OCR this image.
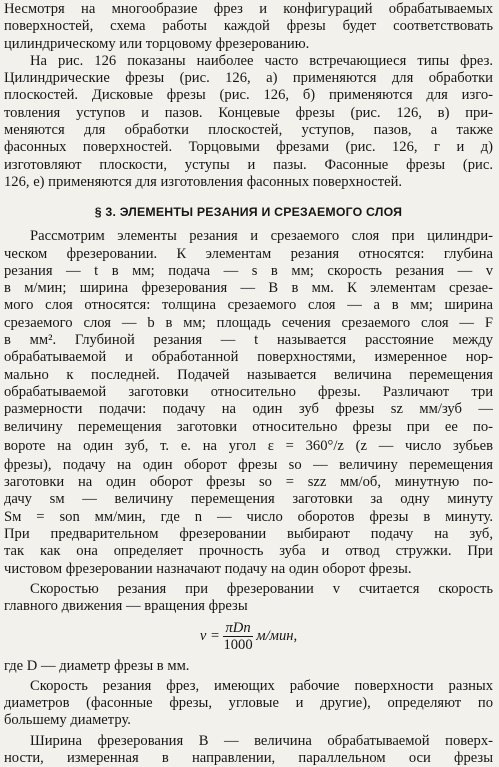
Несмотря на многообразие фрез и конфигураций обрабатываемых
поверхностей, схема работы каждой фрезы будет соответствовать
цилиндрическому или торцовому фрезерованию.

На рис. 126 показаны наиболее часто встречающиеся типы фрез.
Цилиндрические фрезы (рис. 126, а) применяются для обработки
плоскостей. Дисковые фрезы (рис. 126, б) применяются для изго-
товления уступов и пазов. Концевые фрезы (рис. 126, в) при-
меняются для обработки плоскостей, уступов, пазов, а также
фасонных поверхностей. Торцовыми фрезами (рис. 126, г и д)
изготовляют плоскости, уступы и пазы. Фасонные фрезы (рис.
126, е) применяются для изготовления фасонных поверхностей.

§ 3. ЭЛЕМЕНТЫ РЕЗАНИЯ И СРЕЗАЕМОГО СЛОЯ

Рассмотрим элементы резания и срезаемого слоя при цилиндри-
ческом фрезеровании. К элементам резания относятся: глубина
резания — t в мм; подача — s в мм; скорость резания — v
в м/мин; ширина фрезерования — B в мм. К элементам срезае-
мого слоя относятся: толщина срезаемого слоя — a в мм; ширина
срезаемого слоя — b в мм; площадь сечения срезаемого слоя — F
в мм². Глубиной резания — t называется расстояние между
обрабатываемой и обработанной поверхностями, измеренное нор-
мально к последней. Подачей называется величина перемещения
обрабатываемой заготовки относительно фрезы. Различают три
размерности подачи: подачу на один зуб фрезы sz мм/зуб —
величину перемещения заготовки относительно фрезы при ее по-
вороте на один зуб, т. е. на угол ε = 360°/z (z — число зубьев
фрезы), подачу на один оборот фрезы sо — величину перемещения
заготовки на один оборот фрезы sо = szz мм/об, минутную по-
дачу sм — величину перемещения заготовки за одну минуту
Sм = sоn мм/мин, где n — число оборотов фрезы в минуту.
При предварительном фрезеровании выбирают подачу на зуб,
так как она определяет прочность зуба и отвод стружки. При
чистовом фрезеровании назначают подачу на один оборот фрезы.

Скоростью резания при фрезеровании v считается скорость
главного движения — вращения фрезы

$v = \frac{\text{πDn}}{1000} м/мин$,

где D — диаметр фрезы в мм.

Скорость резания фрез, имеющих рабочие поверхности разных
диаметров (фасонные фрезы, угловые и другие), определяют по
большему диаметру.

Ширина фрезерования B — величина обрабатываемой поверх-
ности, измеренная в направлении, параллельном оси фрезы
